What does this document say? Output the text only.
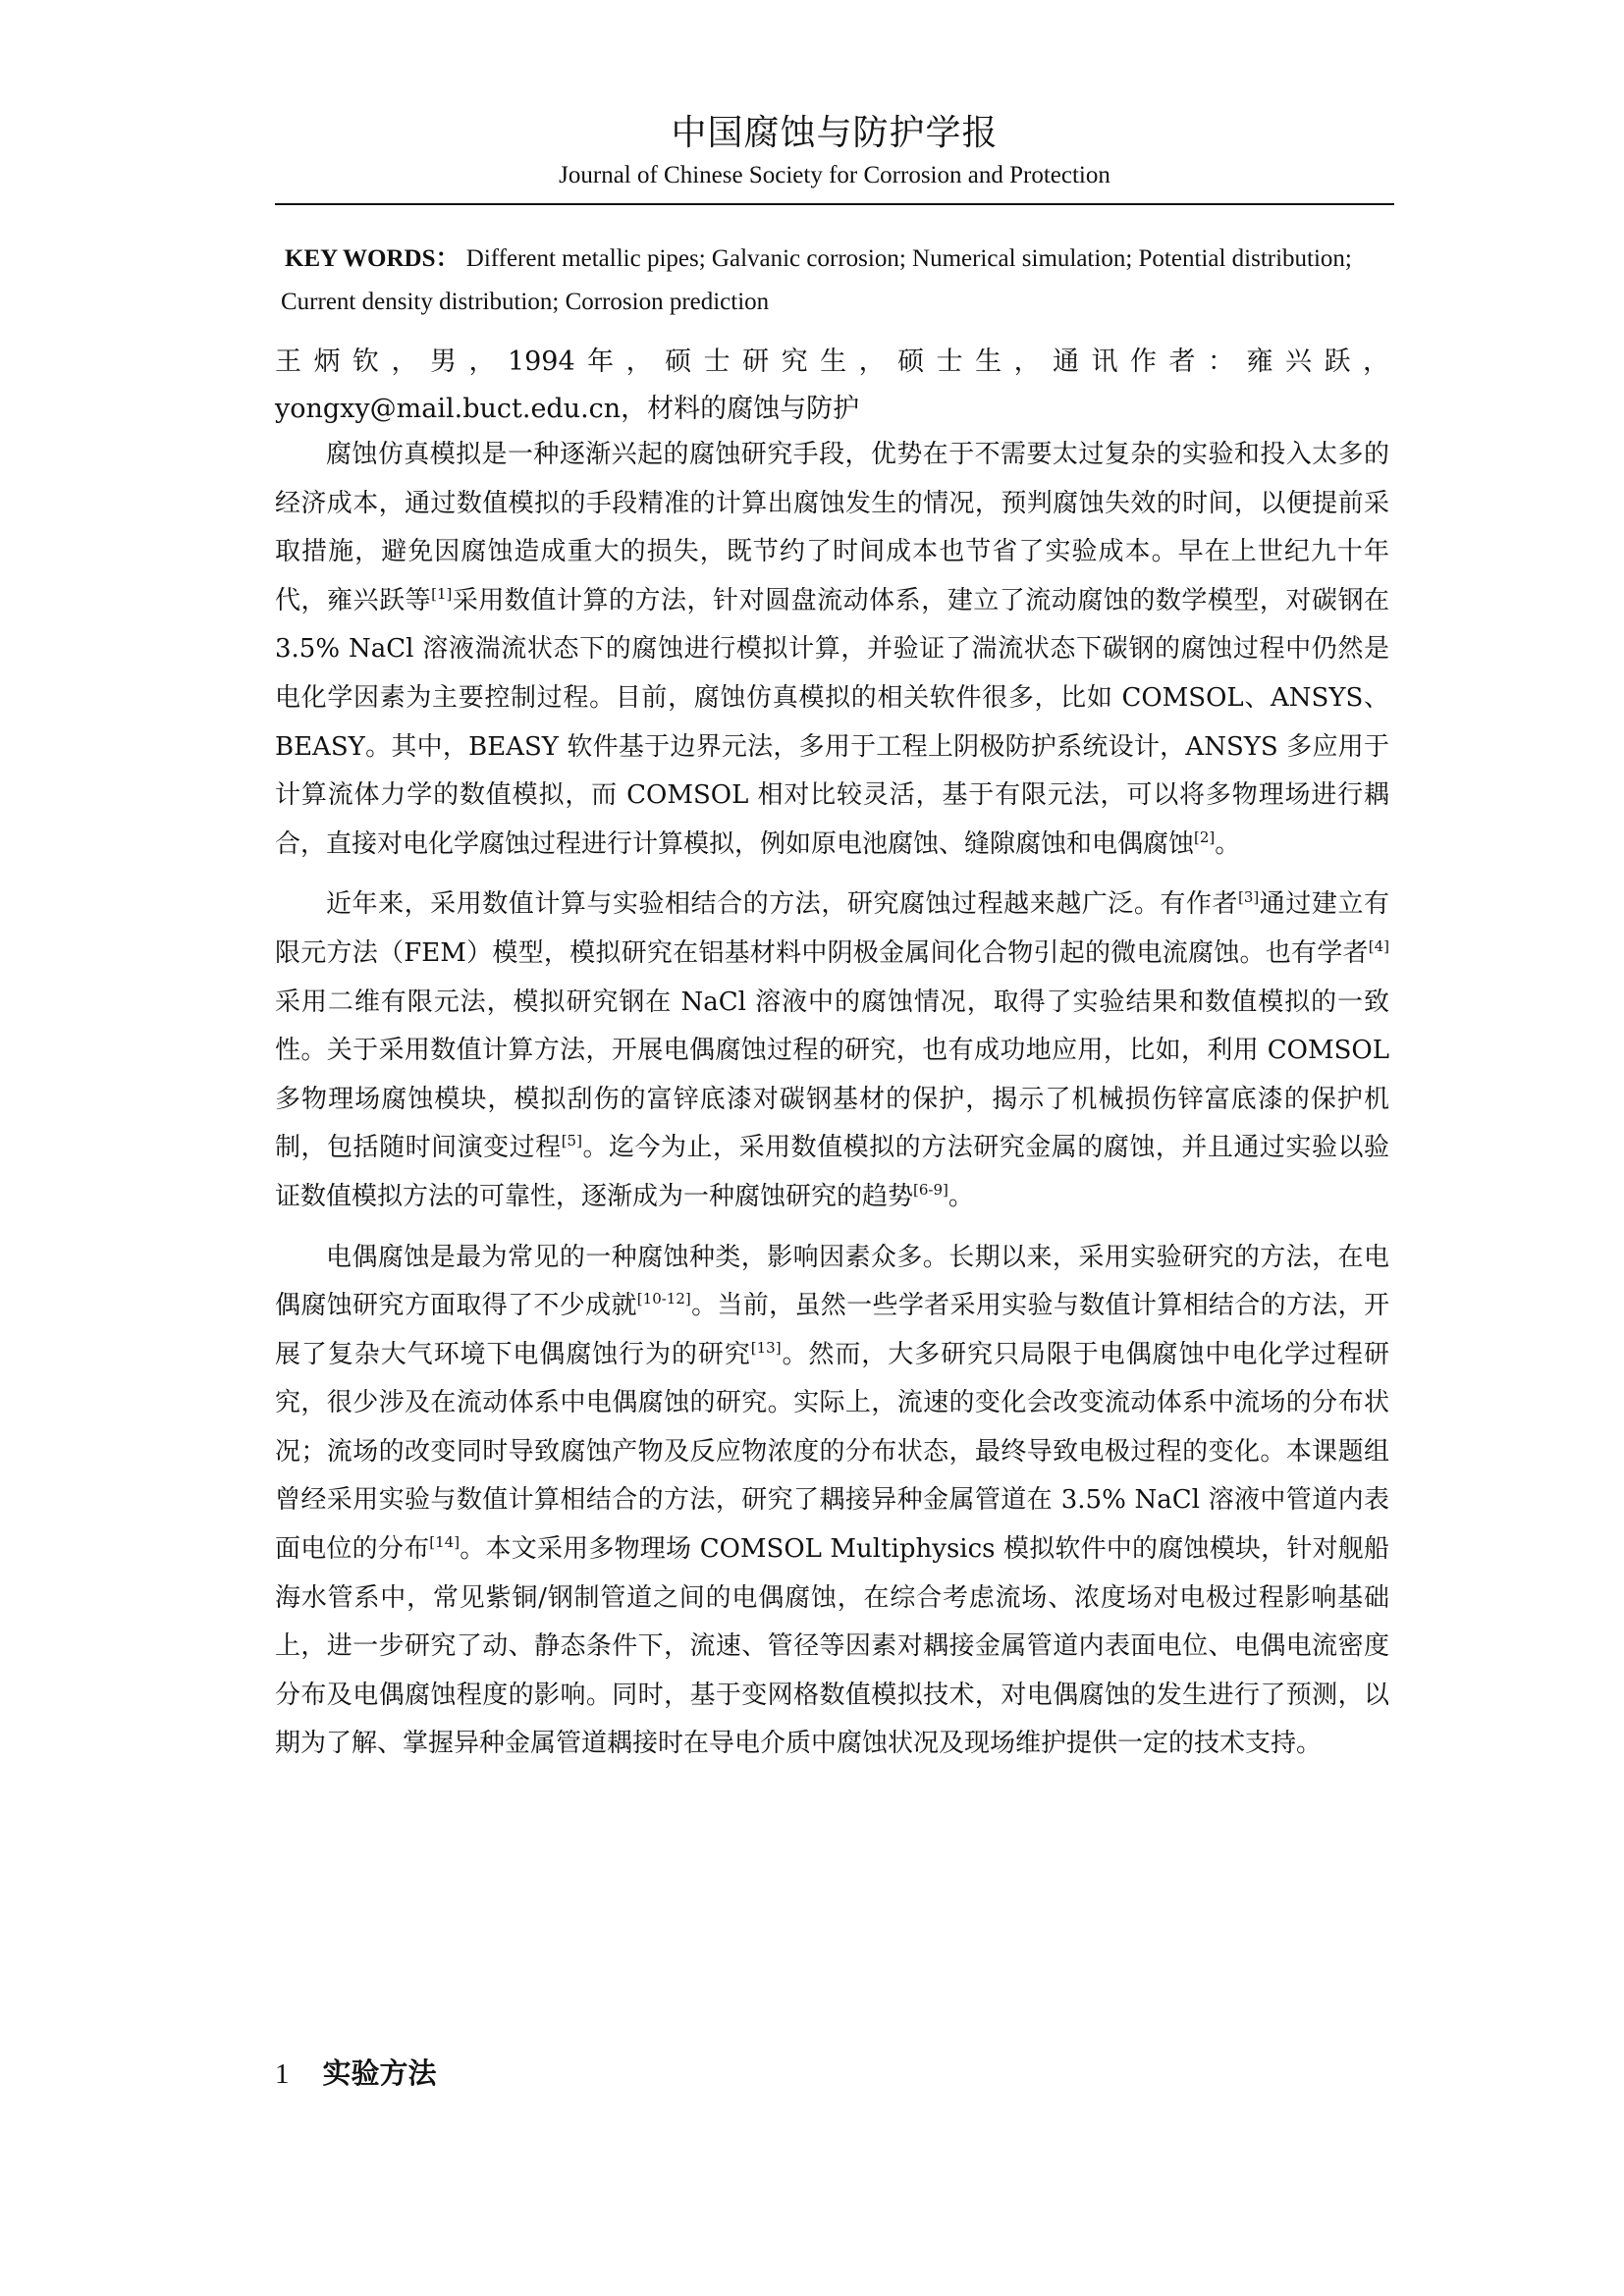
中国腐蚀与防护学报
Journal of Chinese Society for Corrosion and Protection
KEY WORDS： Different metallic pipes; Galvanic corrosion; Numerical simulation; Potential distribution; Current density distribution; Corrosion prediction
王炳钦，男，1994年，硕士研究生，硕士生，通讯作者：雍兴跃，
yongxy@mail.buct.edu.cn，材料的腐蚀与防护

腐蚀仿真模拟是一种逐渐兴起的腐蚀研究手段，优势在于不需要太过复杂的实验和投入太多的经济成本，通过数值模拟的手段精准的计算出腐蚀发生的情况，预判腐蚀失效的时间，以便提前采取措施，避免因腐蚀造成重大的损失，既节约了时间成本也节省了实验成本。早在上世纪九十年代，雍兴跃等[1]采用数值计算的方法，针对圆盘流动体系，建立了流动腐蚀的数学模型，对碳钢在 3.5% NaCl 溶液湍流状态下的腐蚀进行模拟计算，并验证了湍流状态下碳钢的腐蚀过程中仍然是电化学因素为主要控制过程。目前，腐蚀仿真模拟的相关软件很多，比如 COMSOL、ANSYS、BEASY。其中，BEASY 软件基于边界元法，多用于工程上阴极防护系统设计，ANSYS 多应用于计算流体力学的数值模拟，而 COMSOL 相对比较灵活，基于有限元法，可以将多物理场进行耦合，直接对电化学腐蚀过程进行计算模拟，例如原电池腐蚀、缝隙腐蚀和电偶腐蚀[2]。

近年来，采用数值计算与实验相结合的方法，研究腐蚀过程越来越广泛。有作者[3]通过建立有限元方法（FEM）模型，模拟研究在铝基材料中阴极金属间化合物引起的微电流腐蚀。也有学者[4]采用二维有限元法，模拟研究钢在 NaCl 溶液中的腐蚀情况，取得了实验结果和数值模拟的一致性。关于采用数值计算方法，开展电偶腐蚀过程的研究，也有成功地应用，比如，利用 COMSOL 多物理场腐蚀模块，模拟刮伤的富锌底漆对碳钢基材的保护，揭示了机械损伤锌富底漆的保护机制，包括随时间演变过程[5]。迄今为止，采用数值模拟的方法研究金属的腐蚀，并且通过实验以验证数值模拟方法的可靠性，逐渐成为一种腐蚀研究的趋势[6-9]。

电偶腐蚀是最为常见的一种腐蚀种类，影响因素众多。长期以来，采用实验研究的方法，在电偶腐蚀研究方面取得了不少成就[10-12]。当前，虽然一些学者采用实验与数值计算相结合的方法，开展了复杂大气环境下电偶腐蚀行为的研究[13]。然而，大多研究只局限于电偶腐蚀中电化学过程研究，很少涉及在流动体系中电偶腐蚀的研究。实际上，流速的变化会改变流动体系中流场的分布状况；流场的改变同时导致腐蚀产物及反应物浓度的分布状态，最终导致电极过程的变化。本课题组曾经采用实验与数值计算相结合的方法，研究了耦接异种金属管道在 3.5% NaCl 溶液中管道内表面电位的分布[14]。本文采用多物理场 COMSOL Multiphysics 模拟软件中的腐蚀模块，针对舰船海水管系中，常见紫铜/钢制管道之间的电偶腐蚀，在综合考虑流场、浓度场对电极过程影响基础上，进一步研究了动、静态条件下，流速、管径等因素对耦接金属管道内表面电位、电偶电流密度分布及电偶腐蚀程度的影响。同时，基于变网格数值模拟技术，对电偶腐蚀的发生进行了预测，以期为了解、掌握异种金属管道耦接时在导电介质中腐蚀状况及现场维护提供一定的技术支持。

1 实验方法
